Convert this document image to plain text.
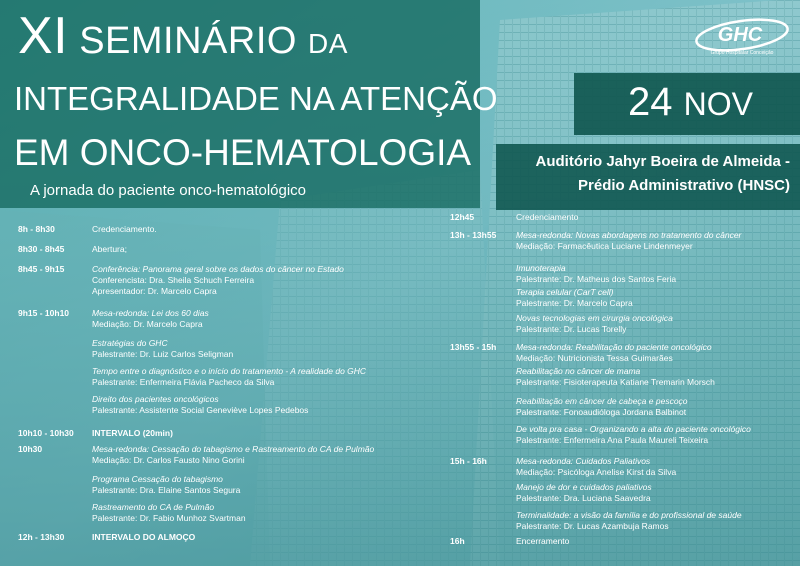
XI SEMINÁRIO DA
INTEGRALIDADE NA ATENÇÃO
EM ONCO-HEMATOLOGIA
A jornada do paciente onco-hematológico
GHC
Grupo Hospitalar Conceição
24 NOV
Auditório Jahyr Boeira de Almeida -
Prédio Administrativo (HNSC)
8h - 8h30	Credenciamento.
8h30 - 8h45	Abertura;
8h45 - 9h15	Conferência: Panorama geral sobre os dados do câncer no Estado
Conferencista: Dra. Sheila Schuch Ferreira
Apresentador: Dr. Marcelo Capra
9h15 - 10h10	Mesa-redonda: Lei dos 60 dias
Mediação: Dr. Marcelo Capra
Estratégias do GHC
Palestrante: Dr. Luiz Carlos Seligman
Tempo entre o diagnóstico e o início do tratamento - A realidade do GHC
Palestrante: Enfermeira Flávia Pacheco da Silva
Direito dos pacientes oncológicos
Palestrante: Assistente Social Geneviève Lopes Pedebos
10h10 - 10h30 INTERVALO (20min)
10h30	Mesa-redonda: Cessação do tabagismo e Rastreamento do CA de Pulmão
Mediação: Dr. Carlos Fausto Nino Gorini
Programa Cessação do tabagismo
Palestrante: Dra. Elaine Santos Segura
Rastreamento do CA de Pulmão
Palestrante: Dr. Fabio Munhoz Svartman
12h - 13h30	INTERVALO DO ALMOÇO
12h45	Credenciamento
13h - 13h55 Mesa-redonda: Novas abordagens no tratamento do câncer
Mediação: Farmacêutica Luciane Lindenmeyer
Imunoterapia
Palestrante: Dr. Matheus dos Santos Feria
Terapia celular (CarT cell)
Palestrante: Dr. Marcelo Capra
Novas tecnologias em cirurgia oncológica
Palestrante: Dr. Lucas Torelly
13h55 - 15h Mesa-redonda: Reabilitação do paciente oncológico
Mediação: Nutricionista Tessa Guimarães
Reabilitação no câncer de mama
Palestrante: Fisioterapeuta Katiane Tremarin Morsch
Reabilitação em câncer de cabeça e pescoço
Palestrante: Fonoaudióloga Jordana Balbinot
De volta pra casa - Organizando a alta do paciente oncológico
Palestrante: Enfermeira Ana Paula Maureli Teixeira
15h - 16h	Mesa-redonda: Cuidados Paliativos
Mediação: Psicóloga Anelise Kirst da Silva
Manejo de dor e cuidados paliativos
Palestrante: Dra. Luciana Saavedra
Terminalidade: a visão da família e do profissional de saúde
Palestrante: Dr. Lucas Azambuja Ramos
16h	Encerramento
